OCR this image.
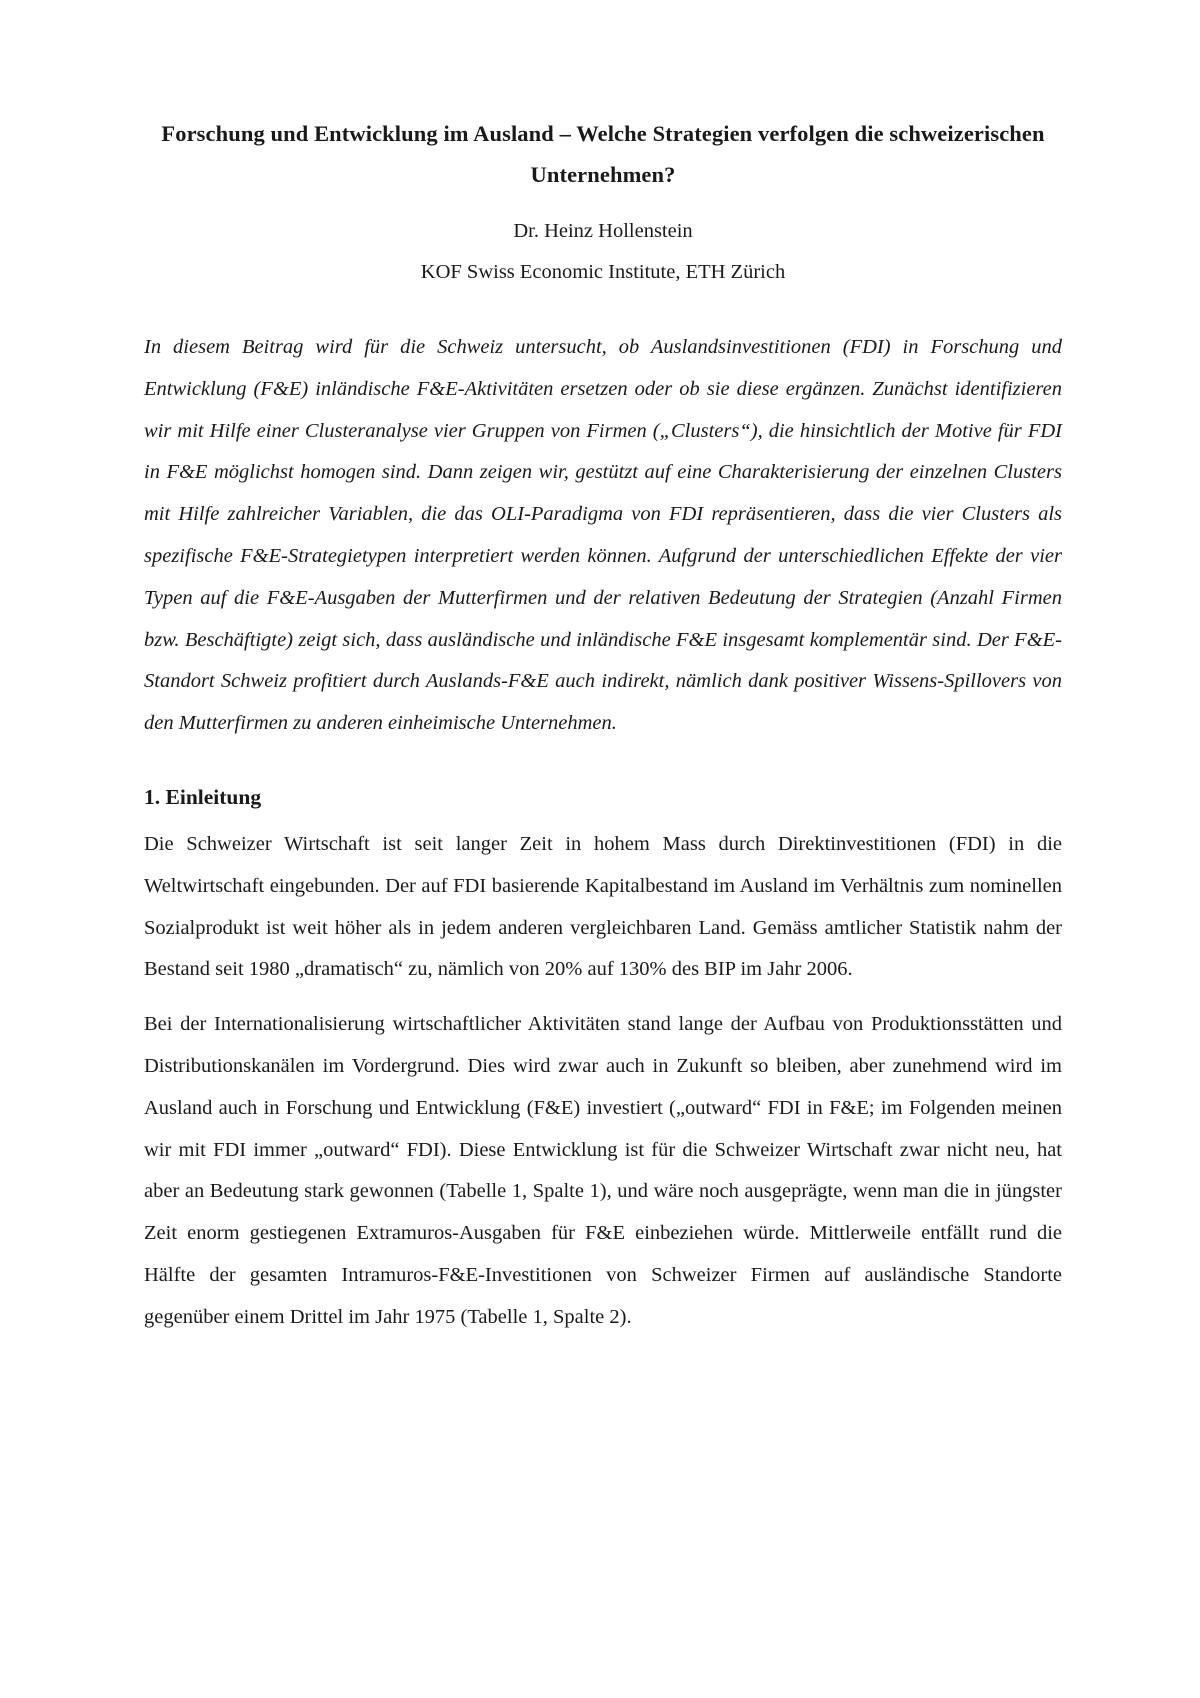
Forschung und Entwicklung im Ausland – Welche Strategien verfolgen die schweizerischen Unternehmen?

Dr. Heinz Hollenstein

KOF Swiss Economic Institute, ETH Zürich

In diesem Beitrag wird für die Schweiz untersucht, ob Auslandsinvestitionen (FDI) in Forschung und Entwicklung (F&E) inländische F&E-Aktivitäten ersetzen oder ob sie diese ergänzen. Zunächst identifizieren wir mit Hilfe einer Clusteranalyse vier Gruppen von Firmen („Clusters“), die hinsichtlich der Motive für FDI in F&E möglichst homogen sind. Dann zeigen wir, gestützt auf eine Charakterisierung der einzelnen Clusters mit Hilfe zahlreicher Variablen, die das OLI-Paradigma von FDI repräsentieren, dass die vier Clusters als spezifische F&E-Strategietypen interpretiert werden können. Aufgrund der unterschiedlichen Effekte der vier Typen auf die F&E-Ausgaben der Mutterfirmen und der relativen Bedeutung der Strategien (Anzahl Firmen bzw. Beschäftigte) zeigt sich, dass ausländische und inländische F&E insgesamt komplementär sind. Der F&E-Standort Schweiz profitiert durch Auslands-F&E auch indirekt, nämlich dank positiver Wissens-Spillovers von den Mutterfirmen zu anderen einheimische Unternehmen.

1. Einleitung

Die Schweizer Wirtschaft ist seit langer Zeit in hohem Mass durch Direktinvestitionen (FDI) in die Weltwirtschaft eingebunden. Der auf FDI basierende Kapitalbestand im Ausland im Verhältnis zum nominellen Sozialprodukt ist weit höher als in jedem anderen vergleichbaren Land. Gemäss amtlicher Statistik nahm der Bestand seit 1980 „dramatisch“ zu, nämlich von 20% auf 130% des BIP im Jahr 2006.

Bei der Internationalisierung wirtschaftlicher Aktivitäten stand lange der Aufbau von Produktionsstätten und Distributionskanälen im Vordergrund. Dies wird zwar auch in Zukunft so bleiben, aber zunehmend wird im Ausland auch in Forschung und Entwicklung (F&E) investiert („outward“ FDI in F&E; im Folgenden meinen wir mit FDI immer „outward“ FDI). Diese Entwicklung ist für die Schweizer Wirtschaft zwar nicht neu, hat aber an Bedeutung stark gewonnen (Tabelle 1, Spalte 1), und wäre noch ausgeprägte, wenn man die in jüngster Zeit enorm gestiegenen Extramuros-Ausgaben für F&E einbeziehen würde. Mittlerweile entfällt rund die Hälfte der gesamten Intramuros-F&E-Investitionen von Schweizer Firmen auf ausländische Standorte gegenüber einem Drittel im Jahr 1975 (Tabelle 1, Spalte 2).
